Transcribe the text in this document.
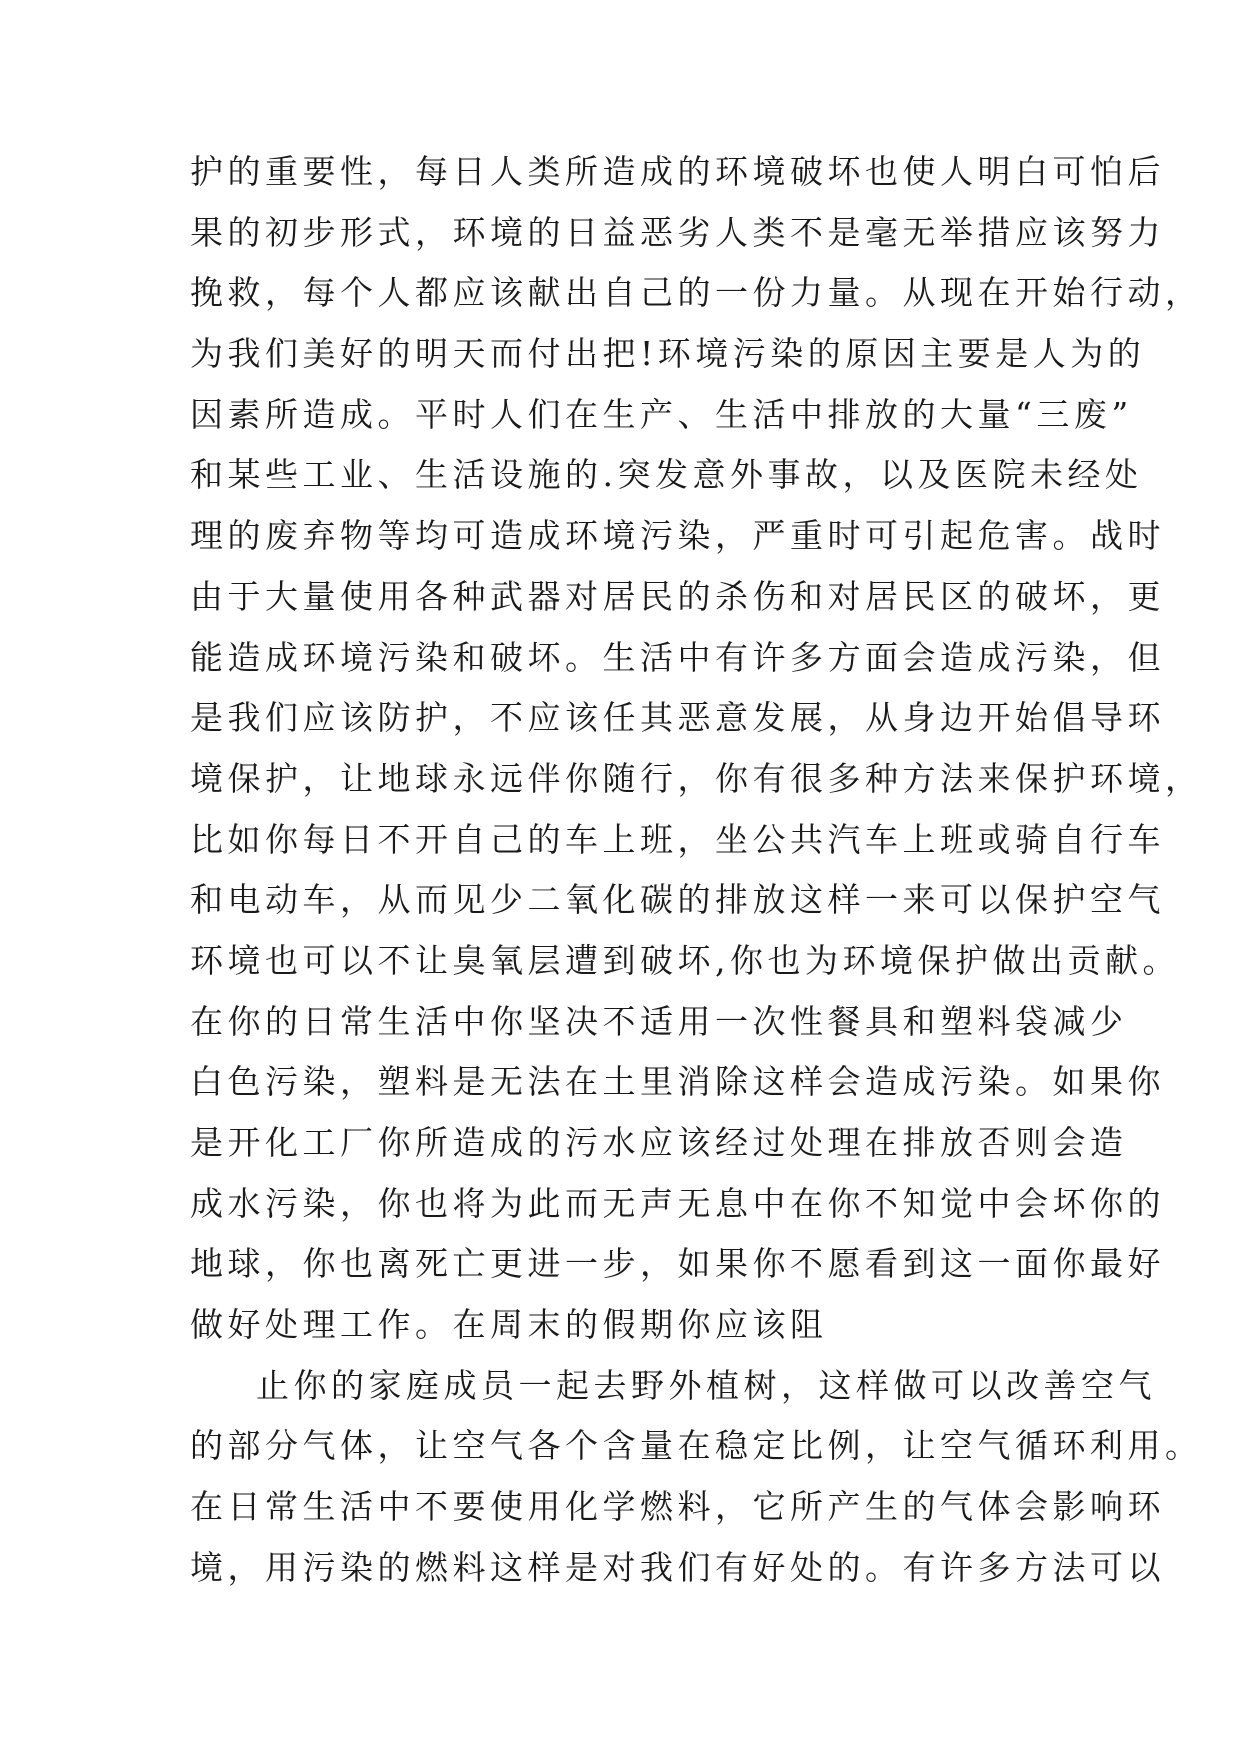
护的重要性，每日人类所造成的环境破坏也使人明白可怕后
果的初步形式，环境的日益恶劣人类不是毫无举措应该努力
挽救，每个人都应该献出自己的一份力量。从现在开始行动，
为我们美好的明天而付出把!环境污染的原因主要是人为的
因素所造成。平时人们在生产、生活中排放的大量“三废”
和某些工业、生活设施的.突发意外事故，以及医院未经处
理的废弃物等均可造成环境污染，严重时可引起危害。战时
由于大量使用各种武器对居民的杀伤和对居民区的破坏，更
能造成环境污染和破坏。生活中有许多方面会造成污染，但
是我们应该防护，不应该任其恶意发展，从身边开始倡导环
境保护，让地球永远伴你随行，你有很多种方法来保护环境，
比如你每日不开自己的车上班，坐公共汽车上班或骑自行车
和电动车，从而见少二氧化碳的排放这样一来可以保护空气
环境也可以不让臭氧层遭到破坏,你也为环境保护做出贡献。
在你的日常生活中你坚决不适用一次性餐具和塑料袋减少
白色污染，塑料是无法在土里消除这样会造成污染。如果你
是开化工厂你所造成的污水应该经过处理在排放否则会造
成水污染，你也将为此而无声无息中在你不知觉中会坏你的
地球，你也离死亡更进一步，如果你不愿看到这一面你最好
做好处理工作。在周末的假期你应该阻
止你的家庭成员一起去野外植树，这样做可以改善空气
的部分气体，让空气各个含量在稳定比例，让空气循环利用。
在日常生活中不要使用化学燃料，它所产生的气体会影响环
境，用污染的燃料这样是对我们有好处的。有许多方法可以
